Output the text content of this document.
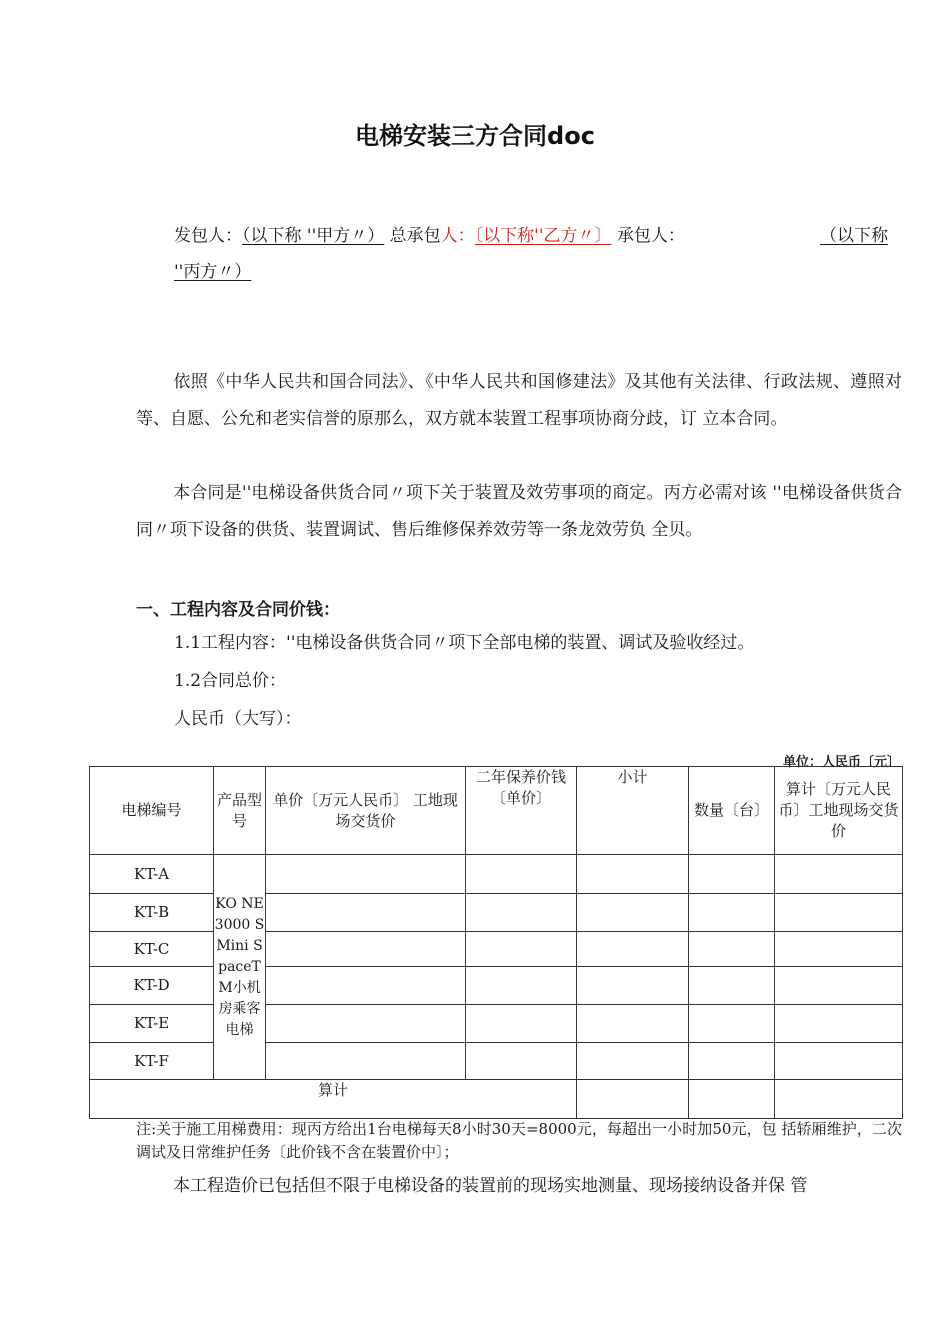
电梯安装三方合同doc
发包人：（以下称 ''甲方〃） 总承包人：〔以下称''乙方〃〕 承包人：	（以下称
''丙方〃）
依照《中华人民共和国合同法》、《中华人民共和国修建法》及其他有关法律、行政法规、遵照对等、自愿、公允和老实信誉的原那么，双方就本装置工程事项协商分歧，订 立本合同。
本合同是''电梯设备供货合同〃项下关于装置及效劳事项的商定。丙方必需对该 ''电梯设备供货合同〃项下设备的供货、装置调试、售后维修保养效劳等一条龙效劳负 全贝。
一、工程内容及合同价钱：
1.1工程内容：''电梯设备供货合同〃项下全部电梯的装置、调试及验收经过。
1.2合同总价：
人民币（大写）：
单位：人民币〔元〕
电梯编号	产品型号	单价〔万元人民币〕 工地现场交货价	二年保养价钱〔单价〕	小计	数量〔台〕	算计〔万元人民币〕工地现场交货价
KT-A	KO NE 3000 S Mini SpaceTM小机房乘客电梯					
KT-B						
KT-C						
KT-D						
KT-E						
KT-F						
算计						
注:关于施工用梯费用：现丙方给出1台电梯每天8小时30天=8000元，每超出一小时加50元，包 括轿厢维护，二次调试及日常维护任务〔此价钱不含在装置价中〕；
本工程造价已包括但不限于电梯设备的装置前的现场实地测量、现场接纳设备并保 管
